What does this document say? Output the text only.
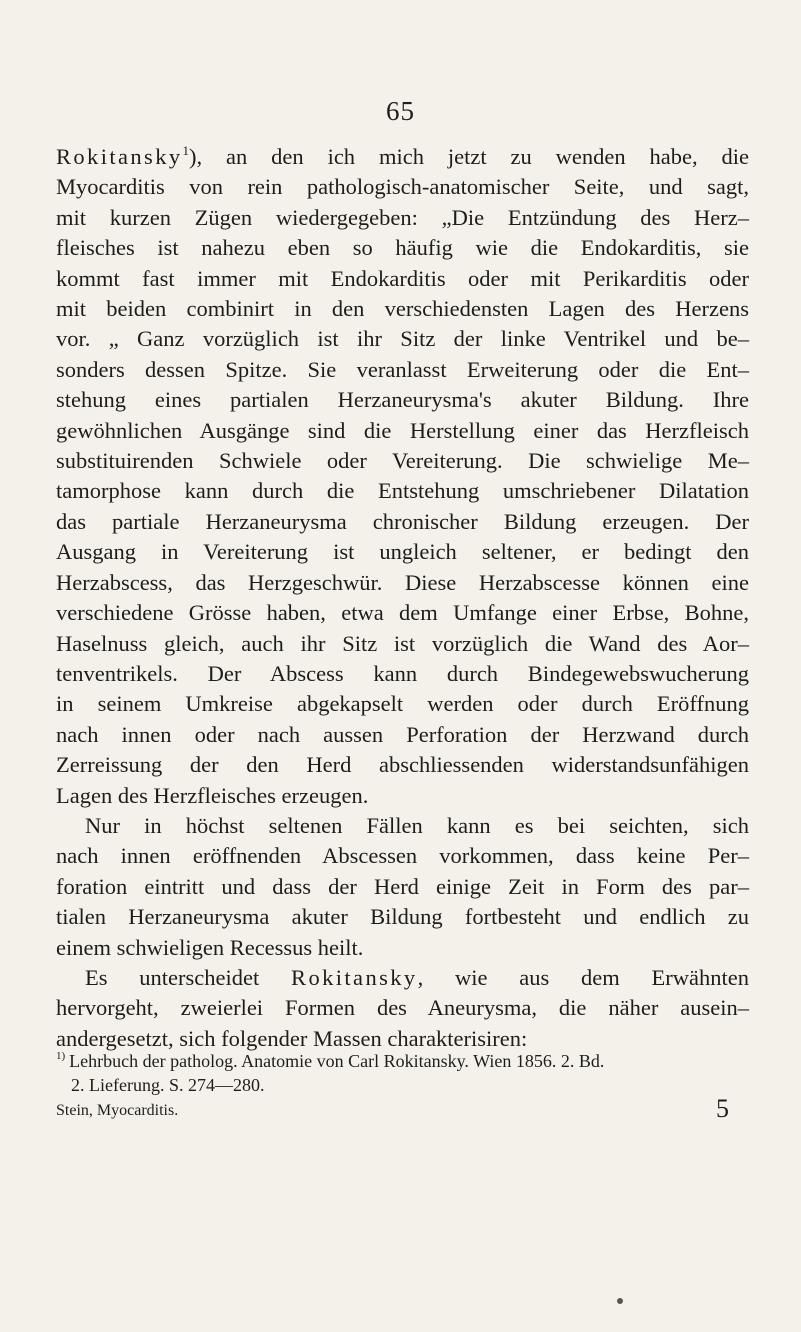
65

Rokitansky$^1$), an den ich mich jetzt zu wenden habe, die
Myocarditis von rein pathologisch-anatomischer Seite, und sagt,
mit kurzen Zügen wiedergegeben: „Die Entzündung des Herz–
fleisches ist nahezu eben so häufig wie die Endokarditis, sie
kommt fast immer mit Endokarditis oder mit Perikarditis oder
mit beiden combinirt in den verschiedensten Lagen des Herzens
vor. „ Ganz vorzüglich ist ihr Sitz der linke Ventrikel und be–
sonders dessen Spitze. Sie veranlasst Erweiterung oder die Ent–
stehung eines partialen Herzaneurysma's akuter Bildung. Ihre
gewöhnlichen Ausgänge sind die Herstellung einer das Herzfleisch
substituirenden Schwiele oder Vereiterung. Die schwielige Me–
tamorphose kann durch die Entstehung umschriebener Dilatation
das partiale Herzaneurysma chronischer Bildung erzeugen. Der
Ausgang in Vereiterung ist ungleich seltener, er bedingt den
Herzabscess, das Herzgeschwür. Diese Herzabscesse können eine
verschiedene Grösse haben, etwa dem Umfange einer Erbse, Bohne,
Haselnuss gleich, auch ihr Sitz ist vorzüglich die Wand des Aor–
tenventrikels. Der Abscess kann durch Bindegewebswucherung
in seinem Umkreise abgekapselt werden oder durch Eröffnung
nach innen oder nach aussen Perforation der Herzwand durch
Zerreissung der den Herd abschliessenden widerstandsunfähigen
Lagen des Herzfleisches erzeugen.

Nur in höchst seltenen Fällen kann es bei seichten, sich
nach innen eröffnenden Abscessen vorkommen, dass keine Per–
foration eintritt und dass der Herd einige Zeit in Form des par–
tialen Herzaneurysma akuter Bildung fortbesteht und endlich zu
einem schwieligen Recessus heilt.

Es unterscheidet Rokitansky, wie aus dem Erwähnten
hervorgeht, zweierlei Formen des Aneurysma, die näher ausein–
andergesetzt, sich folgender Massen charakterisiren:

$^{1)}$ Lehrbuch der patholog. Anatomie von Carl Rokitansky. Wien 1856. 2. Bd.
2. Lieferung. S. 274—280.

Stein, Myocarditis.	5
